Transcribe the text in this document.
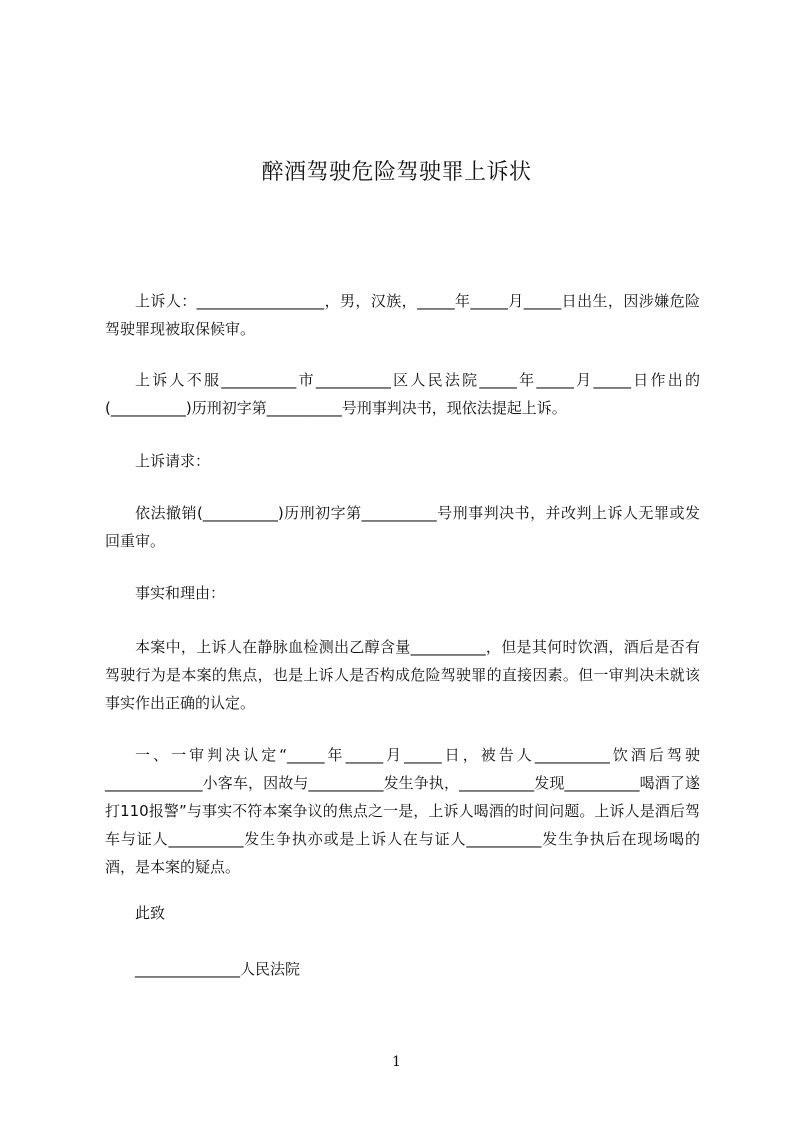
醉酒驾驶危险驾驶罪上诉状

上诉人：_________________，男，汉族，_____年_____月_____日出生，因涉嫌危险驾驶罪现被取保候审。

上诉人不服__________市__________区人民法院_____年_____月_____日作出的(__________)历刑初字第__________号刑事判决书，现依法提起上诉。

上诉请求：

依法撤销(__________)历刑初字第__________号刑事判决书，并改判上诉人无罪或发回重审。

事实和理由：

本案中，上诉人在静脉血检测出乙醇含量__________，但是其何时饮酒，酒后是否有驾驶行为是本案的焦点，也是上诉人是否构成危险驾驶罪的直接因素。但一审判决未就该事实作出正确的认定。

一、一审判决认定“_____年_____月_____日，被告人__________饮酒后驾驶_____________小客车，因故与__________发生争执，__________发现__________喝酒了遂打110报警”与事实不符本案争议的焦点之一是，上诉人喝酒的时间问题。上诉人是酒后驾车与证人__________发生争执亦或是上诉人在与证人__________发生争执后在现场喝的酒，是本案的疑点。

此致

______________人民法院

1
